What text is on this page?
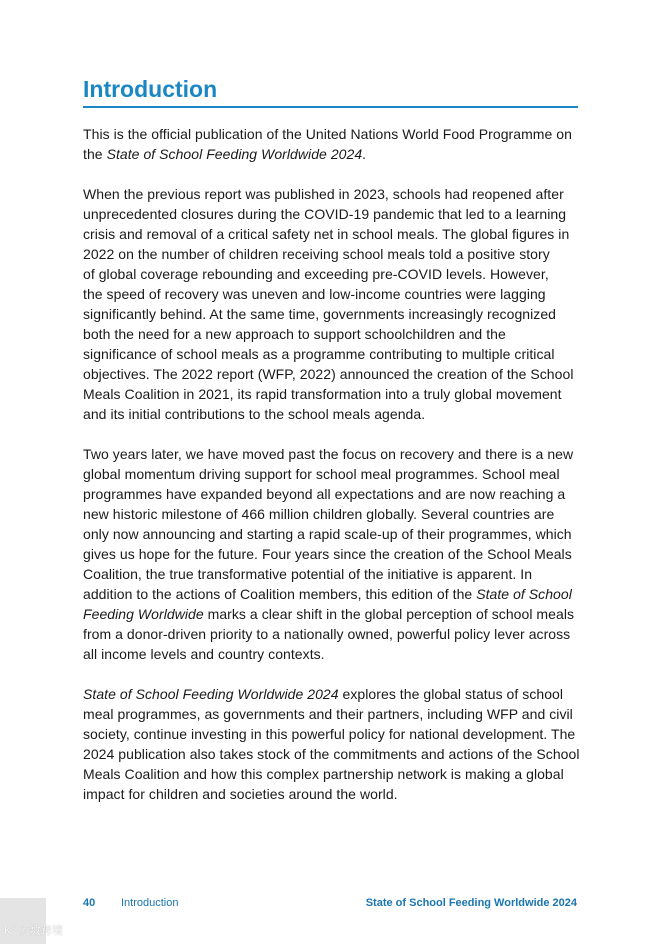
Introduction
This is the official publication of the United Nations World Food Programme on
the State of School Feeding Worldwide 2024.
When the previous report was published in 2023, schools had reopened after
unprecedented closures during the COVID-19 pandemic that led to a learning
crisis and removal of a critical safety net in school meals. The global figures in
2022 on the number of children receiving school meals told a positive story
of global coverage rebounding and exceeding pre-COVID levels. However,
the speed of recovery was uneven and low-income countries were lagging
significantly behind. At the same time, governments increasingly recognized
both the need for a new approach to support schoolchildren and the
significance of school meals as a programme contributing to multiple critical
objectives. The 2022 report (WFP, 2022) announced the creation of the School
Meals Coalition in 2021, its rapid transformation into a truly global movement
and its initial contributions to the school meals agenda.
Two years later, we have moved past the focus on recovery and there is a new
global momentum driving support for school meal programmes. School meal
programmes have expanded beyond all expectations and are now reaching a
new historic milestone of 466 million children globally. Several countries are
only now announcing and starting a rapid scale-up of their programmes, which
gives us hope for the future. Four years since the creation of the School Meals
Coalition, the true transformative potential of the initiative is apparent. In
addition to the actions of Coalition members, this edition of the State of School
Feeding Worldwide marks a clear shift in the global perception of school meals
from a donor-driven priority to a nationally owned, powerful policy lever across
all income levels and country contexts.
State of School Feeding Worldwide 2024 explores the global status of school
meal programmes, as governments and their partners, including WFP and civil
society, continue investing in this powerful policy for national development. The
2024 publication also takes stock of the commitments and actions of the School
Meals Coalition and how this complex partnership network is making a global
impact for children and societies around the world.
40 Introduction	State of School Feeding Worldwide 2024
K° 大数跨境
